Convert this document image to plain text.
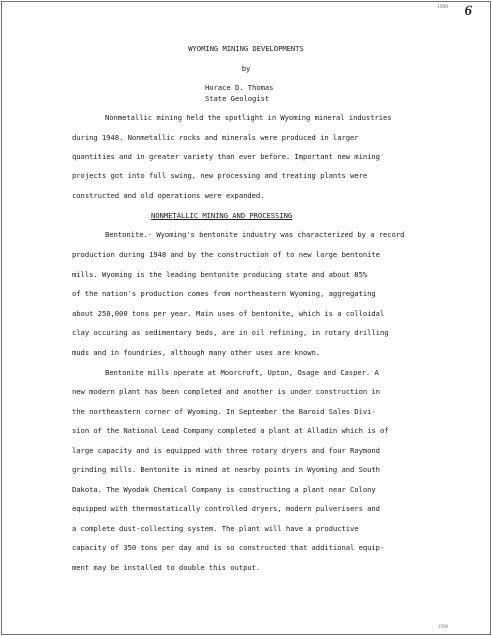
1998 6
WYOMING MINING DEVELOPMENTS
by
Horace D. Thomas
State Geologist
Nonmetallic mining held the spotlight in Wyoming mineral industries
during 1948. Nonmetallic rocks and minerals were produced in larger
quantities and in greater variety than ever before. Important new mining
projects got into full swing, new processing and treating plants were
constructed and old operations were expanded.
NONMETALLIC MINING AND PROCESSING
Bentonite.- Wyoming's bentonite industry was characterized by a record
production during 1948 and by the construction of to new large bentonite
mills. Wyoming is the leading bentonite producing state and about 85%
of the nation's production comes from northeastern Wyoming, aggregating
about 250,000 tons per year. Main uses of bentonite, which is a colloidal
clay occuring as sedimentary beds, are in oil refining, in rotary drilling
muds and in foundries, although many other uses are known.
Bentonite mills operate at Moorcroft, Upton, Osage and Casper. A
new modern plant has been completed and another is under construction in
the northeastern corner of Wyoming. In September the Baroid Sales Divi-
sion of the National Lead Company completed a plant at Alladin which is of
large capacity and is equipped with three rotary dryers and four Raymond
grinding mills. Bentonite is mined at nearby points in Wyoming and South
Dakota. The Wyodak Chemical Company is constructing a plant near Colony
equipped with thermostatically controlled dryers, modern pulverisers and
a complete dust-collecting system. The plant will have a productive
capacity of 350 tons per day and is so constructed that additional equip-
ment may be installed to double this output.
1998
